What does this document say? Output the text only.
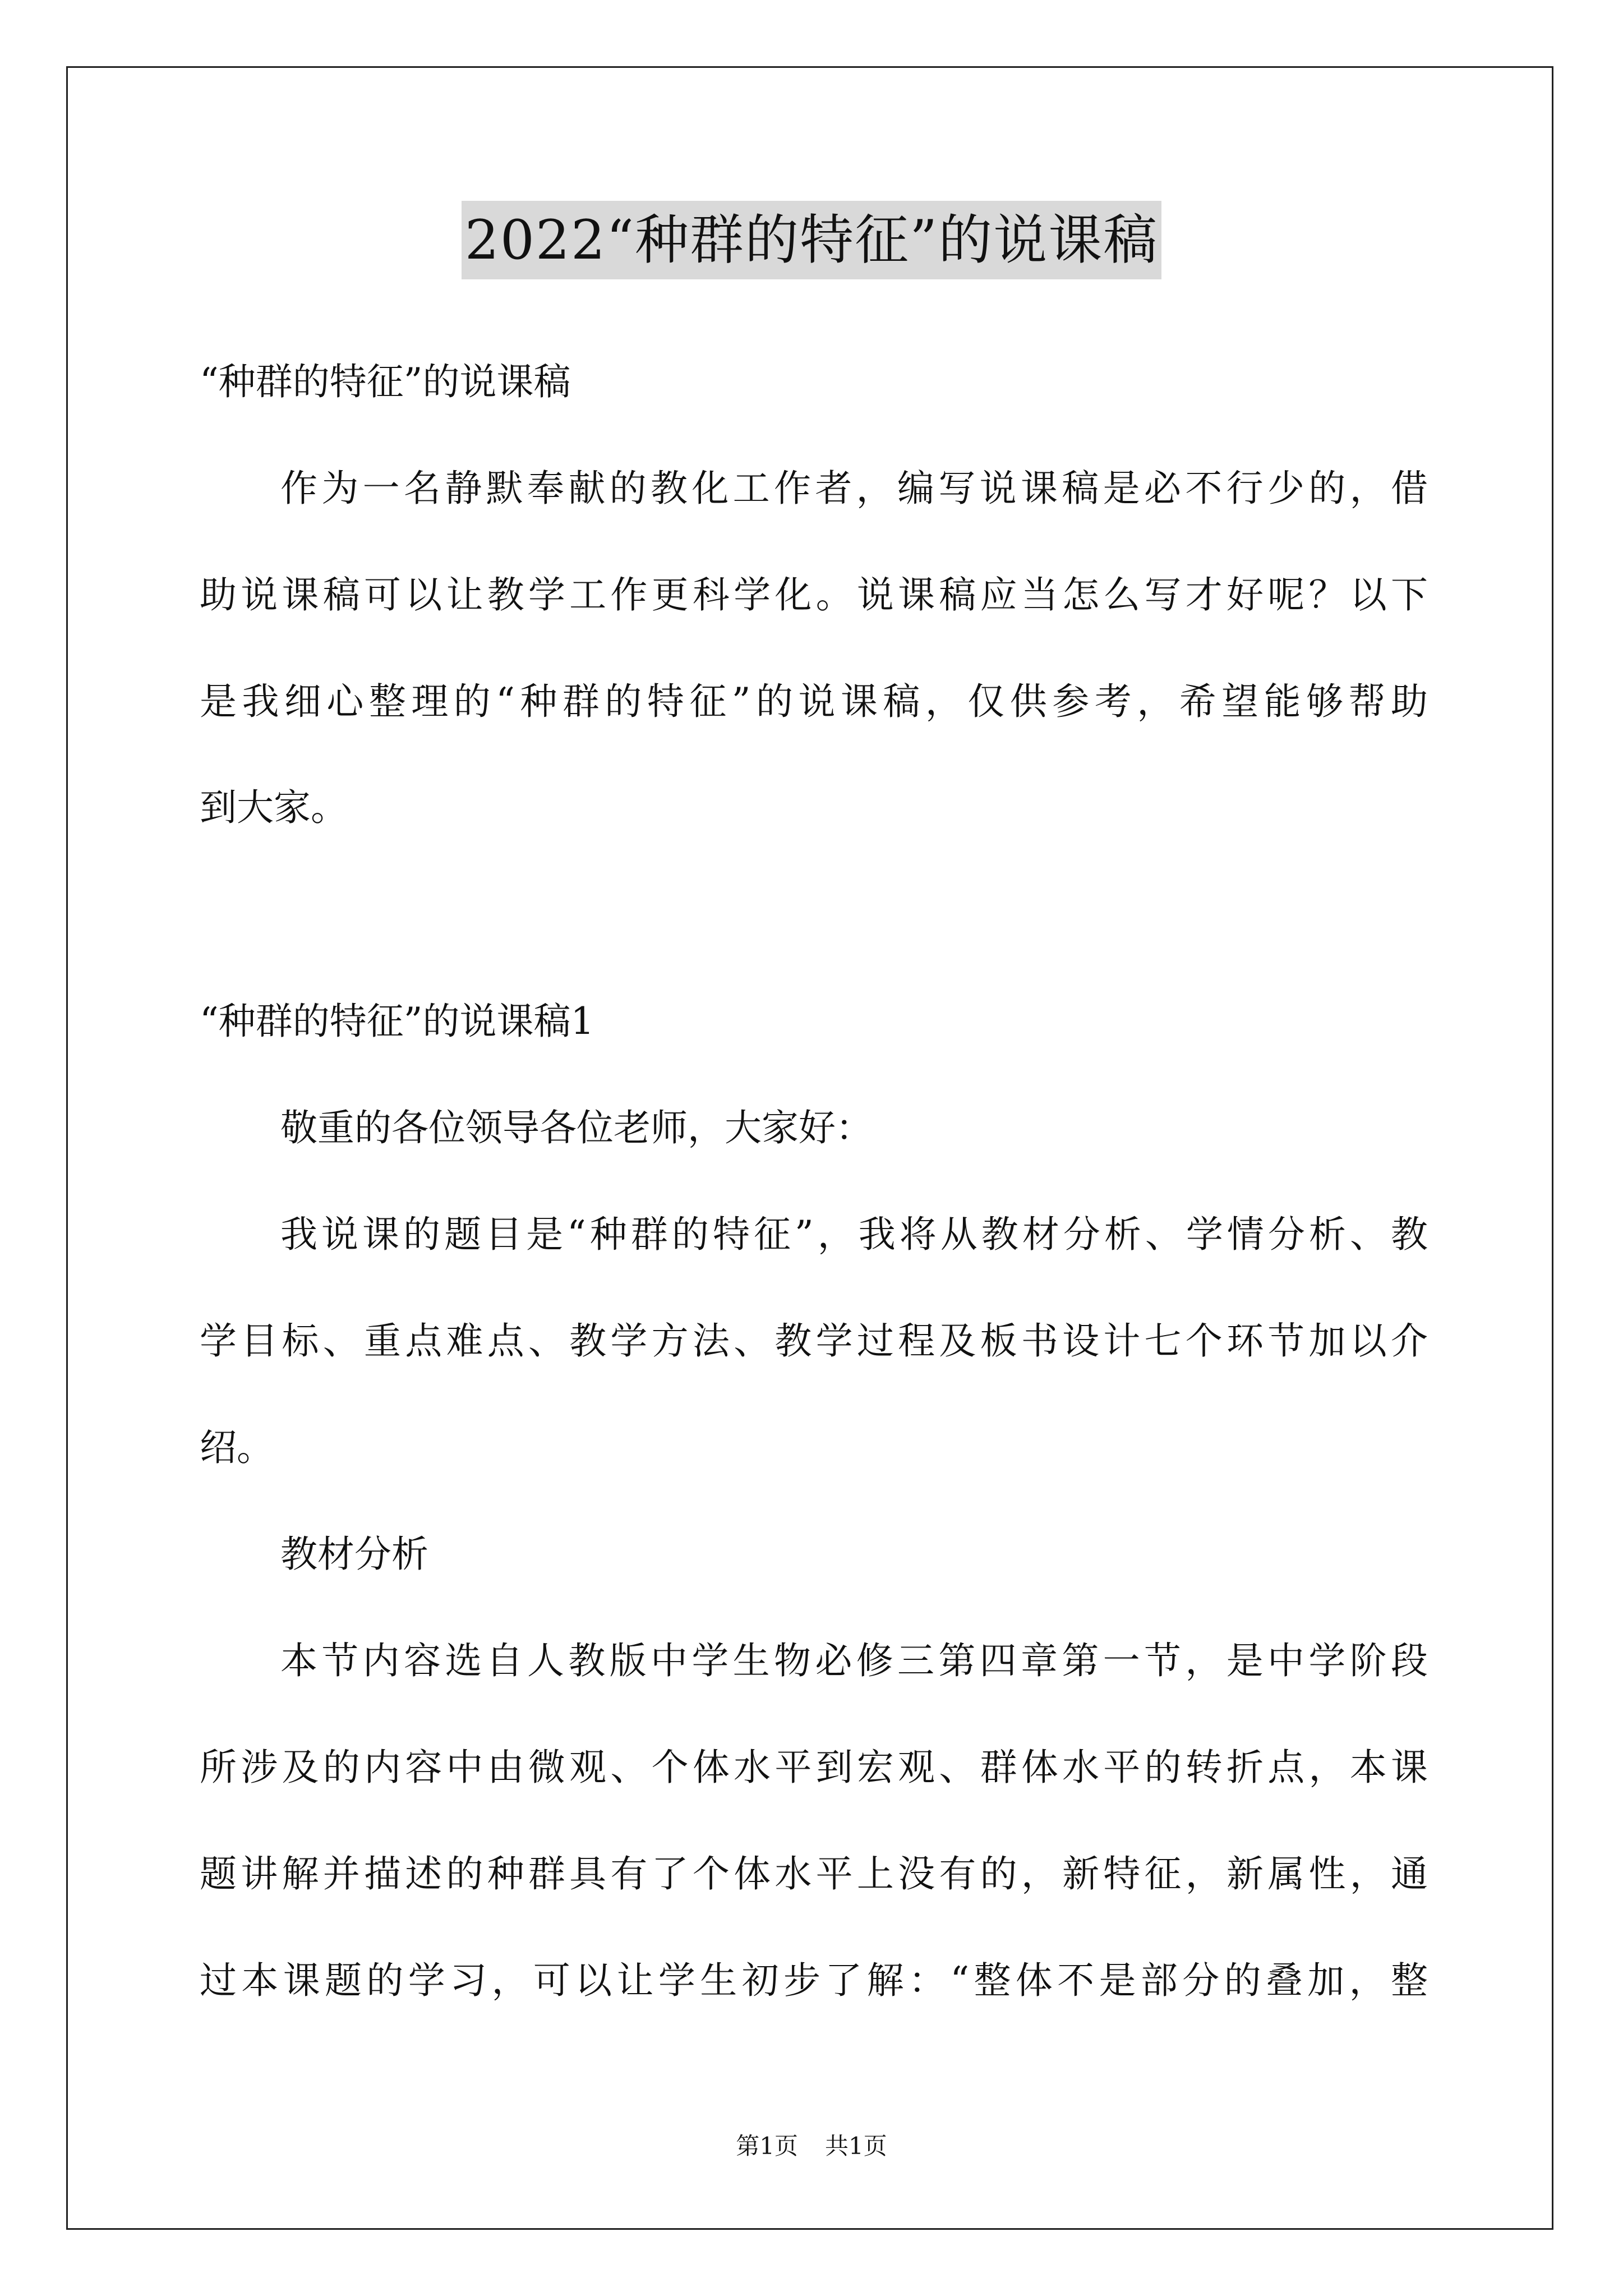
2022“种群的特征”的说课稿
“种群的特征”的说课稿
作为一名静默奉献的教化工作者，编写说课稿是必不行少的，借
助说课稿可以让教学工作更科学化。说课稿应当怎么写才好呢？以下
是我细心整理的“种群的特征”的说课稿，仅供参考，希望能够帮助
到大家。
“种群的特征”的说课稿1
敬重的各位领导各位老师，大家好：
我说课的题目是“种群的特征”，我将从教材分析、学情分析、教
学目标、重点难点、教学方法、教学过程及板书设计七个环节加以介
绍。
教材分析
本节内容选自人教版中学生物必修三第四章第一节，是中学阶段
所涉及的内容中由微观、个体水平到宏观、群体水平的转折点，本课
题讲解并描述的种群具有了个体水平上没有的，新特征，新属性，通
过本课题的学习，可以让学生初步了解：“整体不是部分的叠加，整
第1页 共1页
